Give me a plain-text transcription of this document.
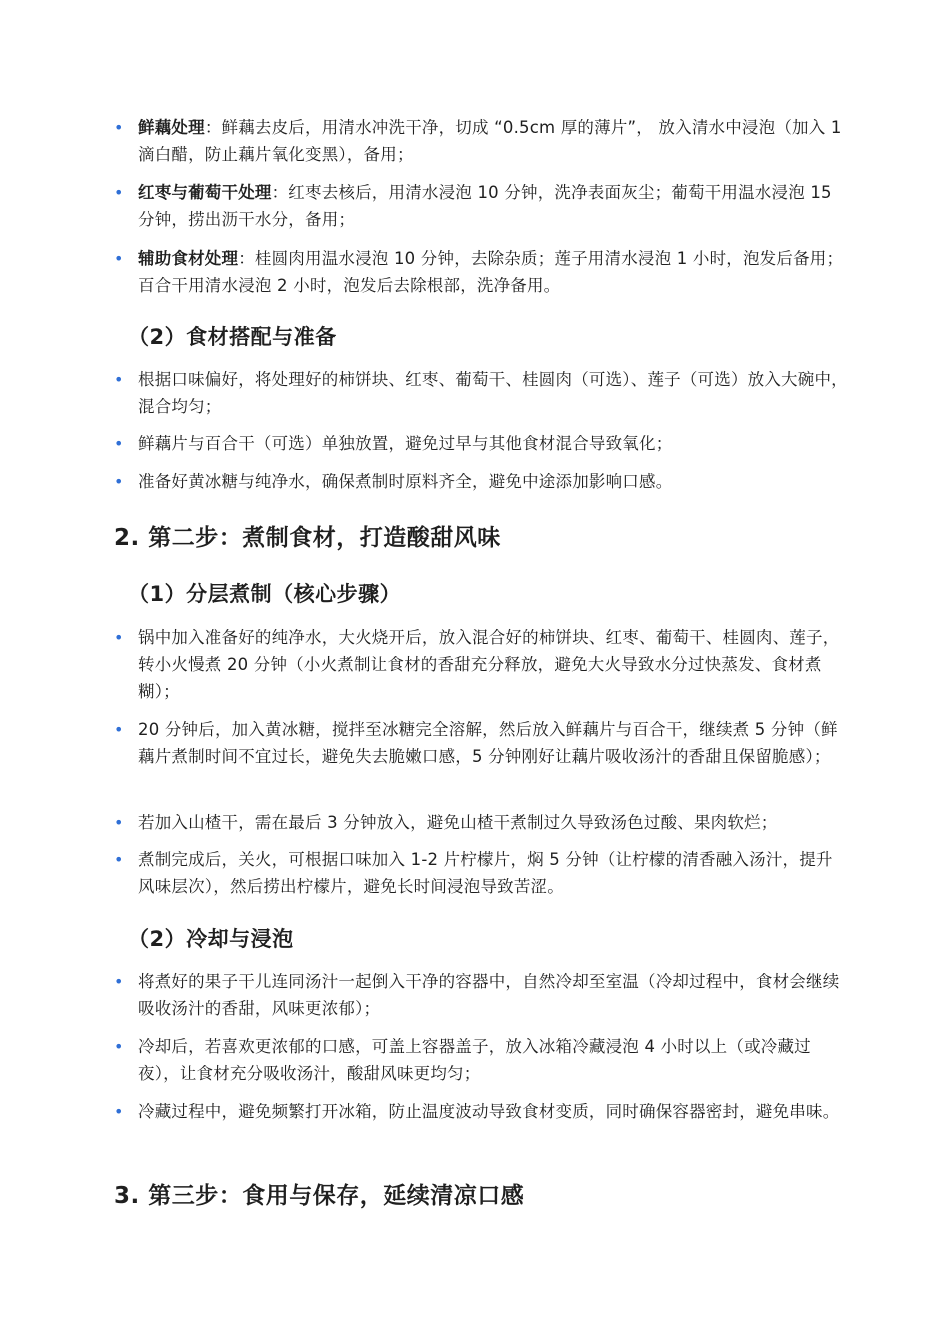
• 鲜藕处理：鲜藕去皮后，用清水冲洗干净，切成 “0.5cm 厚的薄片”， 放入清水中浸泡（加入 1 滴白醋，防止藕片氧化变黑），备用；
• 红枣与葡萄干处理：红枣去核后，用清水浸泡 10 分钟，洗净表面灰尘；葡萄干用温水浸泡 15 分钟，捞出沥干水分，备用；
• 辅助食材处理：桂圆肉用温水浸泡 10 分钟，去除杂质；莲子用清水浸泡 1 小时，泡发后备用；百合干用清水浸泡 2 小时，泡发后去除根部，洗净备用。
（2）食材搭配与准备
• 根据口味偏好，将处理好的柿饼块、红枣、葡萄干、桂圆肉（可选）、莲子（可选）放入大碗中，混合均匀；
• 鲜藕片与百合干（可选）单独放置，避免过早与其他食材混合导致氧化；
• 准备好黄冰糖与纯净水，确保煮制时原料齐全，避免中途添加影响口感。
2. 第二步：煮制食材，打造酸甜风味
（1）分层煮制（核心步骤）
• 锅中加入准备好的纯净水，大火烧开后，放入混合好的柿饼块、红枣、葡萄干、桂圆肉、莲子，转小火慢煮 20 分钟（小火煮制让食材的香甜充分释放，避免大火导致水分过快蒸发、食材煮糊）；
• 20 分钟后，加入黄冰糖，搅拌至冰糖完全溶解，然后放入鲜藕片与百合干，继续煮 5 分钟（鲜藕片煮制时间不宜过长，避免失去脆嫩口感，5 分钟刚好让藕片吸收汤汁的香甜且保留脆感）；
• 若加入山楂干，需在最后 3 分钟放入，避免山楂干煮制过久导致汤色过酸、果肉软烂；
• 煮制完成后，关火，可根据口味加入 1-2 片柠檬片，焖 5 分钟（让柠檬的清香融入汤汁，提升风味层次），然后捞出柠檬片，避免长时间浸泡导致苦涩。
（2）冷却与浸泡
• 将煮好的果子干儿连同汤汁一起倒入干净的容器中，自然冷却至室温（冷却过程中，食材会继续吸收汤汁的香甜，风味更浓郁）；
• 冷却后，若喜欢更浓郁的口感，可盖上容器盖子，放入冰箱冷藏浸泡 4 小时以上（或冷藏过夜），让食材充分吸收汤汁，酸甜风味更均匀；
• 冷藏过程中，避免频繁打开冰箱，防止温度波动导致食材变质，同时确保容器密封，避免串味。
3. 第三步：食用与保存，延续清凉口感
